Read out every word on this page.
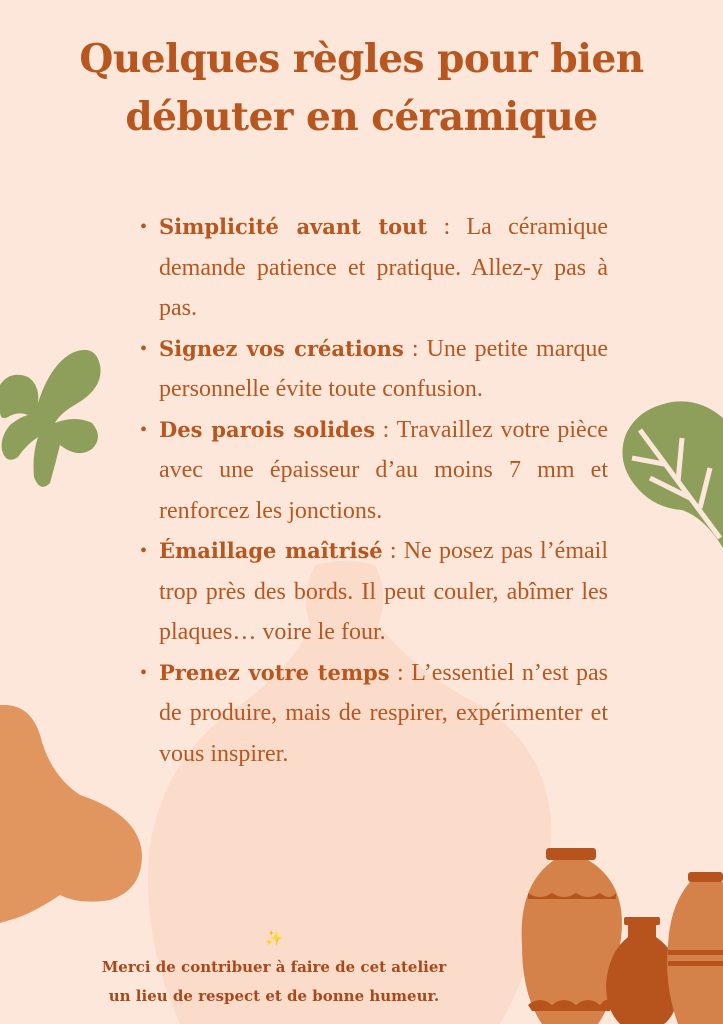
Quelques règles pour bien
débuter en céramique
• Simplicité avant tout : La céramique demande patience et pratique. Allez-y pas à pas.
• Signez vos créations : Une petite marque personnelle évite toute confusion.
• Des parois solides : Travaillez votre pièce avec une épaisseur d’au moins 7 mm et renforcez les jonctions.
• Émaillage maîtrisé : Ne posez pas l’émail trop près des bords. Il peut couler, abîmer les plaques… voire le four.
• Prenez votre temps : L’essentiel n’est pas de produire, mais de respirer, expérimenter et vous inspirer.

✨
Merci de contribuer à faire de cet atelier
un lieu de respect et de bonne humeur.
